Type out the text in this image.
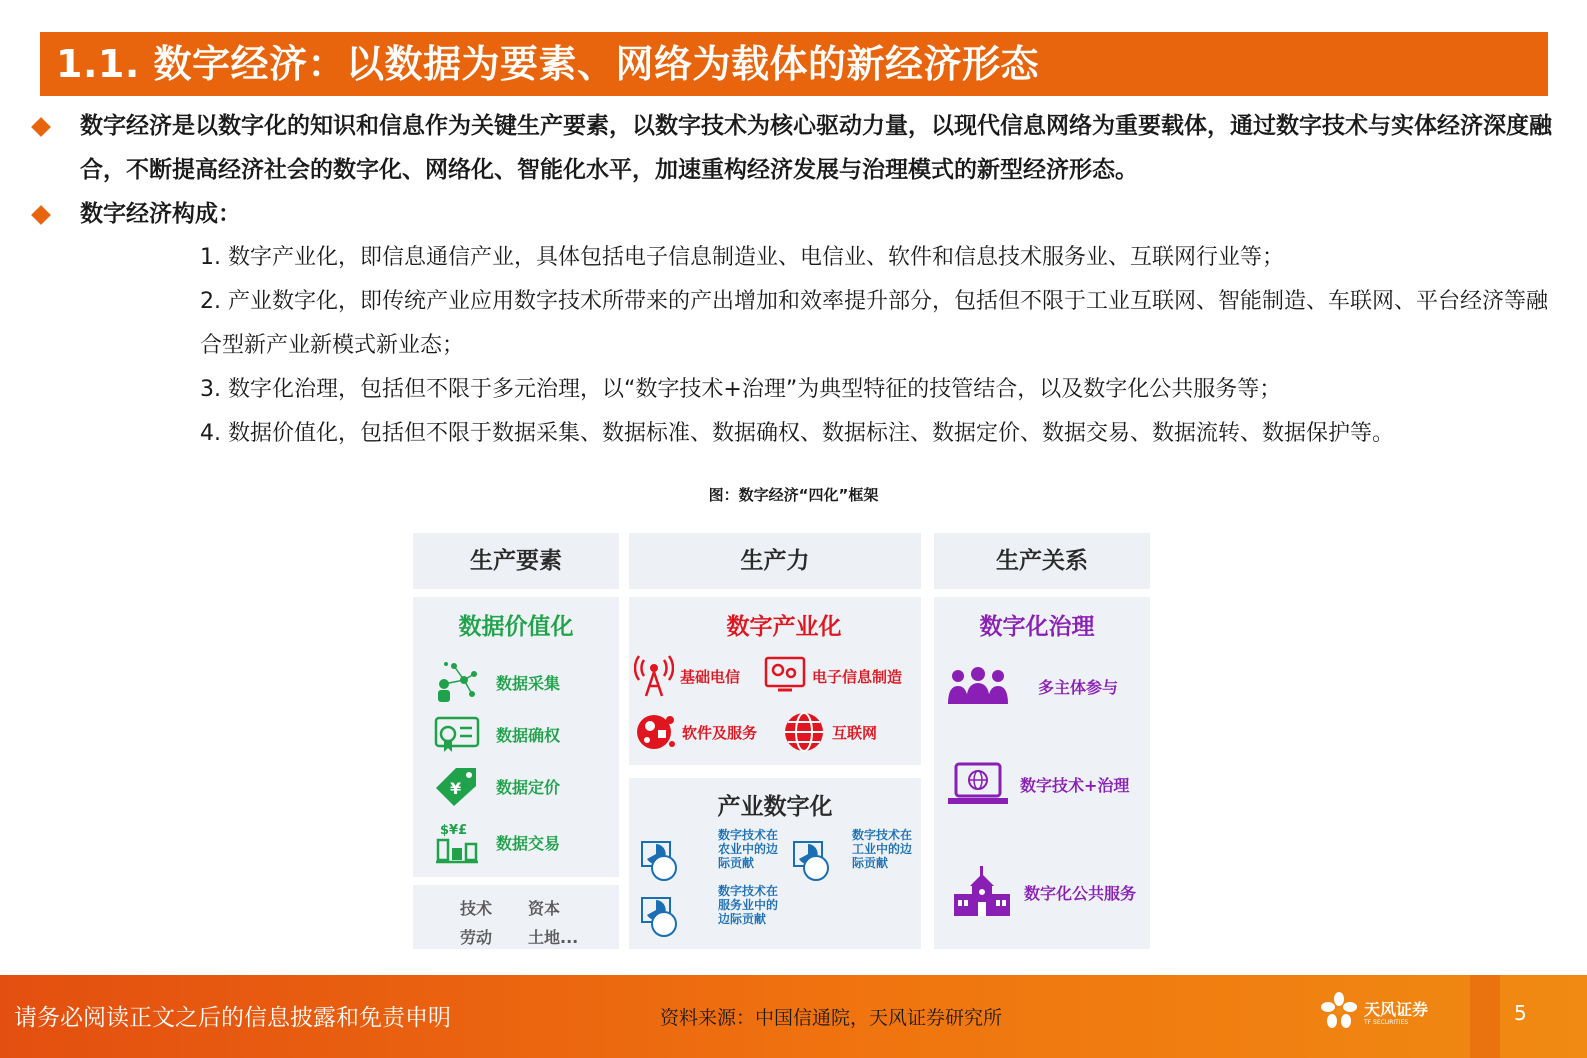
1.1. 数字经济：以数据为要素、网络为载体的新经济形态
数字经济是以数字化的知识和信息作为关键生产要素，以数字技术为核心驱动力量，以现代信息网络为重要载体，通过数字技术与实体经济深度融合，不断提高经济社会的数字化、网络化、智能化水平，加速重构经济发展与治理模式的新型经济形态。
数字经济构成：
1. 数字产业化，即信息通信产业，具体包括电子信息制造业、电信业、软件和信息技术服务业、互联网行业等；
2. 产业数字化，即传统产业应用数字技术所带来的产出增加和效率提升部分，包括但不限于工业互联网、智能制造、车联网、平台经济等融合型新产业新模式新业态；
3. 数字化治理，包括但不限于多元治理，以“数字技术+治理”为典型特征的技管结合，以及数字化公共服务等；
4. 数据价值化，包括但不限于数据采集、数据标准、数据确权、数据标注、数据定价、数据交易、数据流转、数据保护等。
图：数字经济“四化”框架
生产要素	生产力	生产关系
数据价值化
数据采集
数据确权
¥ 数据定价
$¥£
数据交易
技术 资本
劳动 土地...
数字产业化
基础电信	电子信息制造
软件及服务	互联网
产业数字化
数字技术在农业中的边际贡献
数字技术在工业中的边际贡献
数字技术在服务业中的边际贡献
数字化治理
多主体参与
数字技术+治理
数字化公共服务
请务必阅读正文之后的信息披露和免责申明	资料来源：中国信通院，天风证券研究所	天风证券
TF SECURITIES	5
